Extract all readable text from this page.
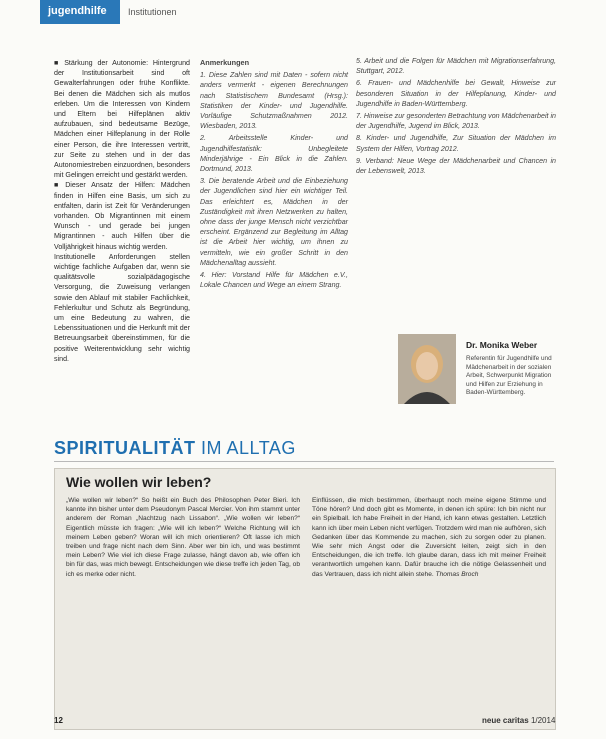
jugendhilfe Institutionen

■ Stärkung der Autonomie: Hintergrund der Institutionsarbeit sind oft Gewalterfahrungen oder frühe Konflikte. Bei denen die Mädchen sich als mutlos erleben. Um die Interessen von Kindern und Eltern bei Hilfeplänen aktiv aufzubauen, sind bedeutsame Bezüge, Mädchen einer Hilfeplanung in der Rolle einer Person, die ihre Interessen vertritt, zur Seite zu stehen und in der das Autonomiestreben einzuordnen, besonders mit Gelingen erreicht und gestärkt werden.

■ Dieser Ansatz der Hilfen: Mädchen finden in Hilfen eine Basis, um sich zu entfalten, darin ist Zeit für Veränderungen vorhanden. Ob Migrantinnen mit einem Wunsch - und gerade bei jungen Migrantinnen - auch Hilfen über die Volljährigkeit hinaus wichtig werden.

Institutionelle Anforderungen stellen wichtige fachliche Aufgaben dar, wenn sie qualitätsvolle sozialpädagogische Versorgung, die Zuweisung verlangen sowie den Ablauf mit stabiler Fachlichkeit, Fehlerkultur und Schutz als Begründung, um eine Bedeutung zu wahren, die Lebenssituationen und die Herkunft mit der Betreuungsarbeit übereinstimmen, für die positive Weiterentwicklung sehr wichtig sind.

Anmerkungen
1. Diese Zahlen sind mit Daten - sofern nicht anders vermerkt - eigenen Berechnungen nach Statistischem Bundesamt (Hrsg.): Statistiken der Kinder- und Jugendhilfe. Vorläufige Schutzmaßnahmen 2012. Wiesbaden, 2013.
2. Arbeitsstelle Kinder- und Jugendhilfestatistik: Unbegleitete Minderjährige - Ein Blick in die Zahlen. Dortmund, 2013.
3. Die beratende Arbeit und die Einbeziehung der Jugendlichen sind hier ein wichtiger Teil. Das erleichtert es, Mädchen in der Zuständigkeit mit ihren Netzwerken zu halten, ohne dass der junge Mensch nicht verzichtbar erscheint. Ergänzend zur Begleitung im Alltag ist die Arbeit hier wichtig, um ihnen zu vermitteln, wie ein großer Schritt in den Mädchenalltag aussieht.
4. Hier: Vorstand Hilfe für Mädchen e.V., Lokale Chancen und Wege an einem Strang.
5. Arbeit und die Folgen für Mädchen mit Migrationserfahrung, Stuttgart, 2012.
6. Frauen- und Mädchenhilfe bei Gewalt, Hinweise zur besonderen Situation in der Hilfeplanung, Kinder- und Jugendhilfe in Baden-Württemberg.
7. Hinweise zur gesonderten Betrachtung von Mädchenarbeit in der Jugendhilfe, Jugend im Blick, 2013.
8. Kinder- und Jugendhilfe, Zur Situation der Mädchen im System der Hilfen, Vortrag 2012.
9. Verband: Neue Wege der Mädchenarbeit und Chancen in der Lebenswelt, 2013.
Dr. Monika Weber
Referentin für Jugendhilfe und Mädchenarbeit in der sozialen Arbeit, Schwerpunkt Migration und Hilfen zur Erziehung in Baden-Württemberg.
SPIRITUALITÄT IM ALLTAG
Wie wollen wir leben?
„Wie wollen wir leben?“ So heißt ein Buch des Philosophen Peter Bieri. Ich kannte ihn bisher unter dem Pseudonym Pascal Mercier. Von ihm stammt unter anderem der Roman „Nachtzug nach Lissabon“. „Wie wollen wir leben?“ Eigentlich müsste ich fragen: „Wie will ich leben?“ Welche Richtung will ich meinem Leben geben? Woran will ich mich orientieren? Oft lasse ich mich treiben und frage nicht nach dem Sinn. Aber wer bin ich, und was bestimmt mein Leben? Wie viel ich diese Frage zulasse, hängt davon ab, wie offen ich bin für das, was mich bewegt. Entscheidungen wie diese treffe ich jeden Tag, ob ich es merke oder nicht.
Einflüssen, die mich bestimmen, überhaupt noch meine eigene Stimme und Töne hören? Und doch gibt es Momente, in denen ich spüre: Ich bin nicht nur ein Spielball. Ich habe Freiheit in der Hand, ich kann etwas gestalten. Letztlich kann ich über mein Leben nicht verfügen. Trotzdem wird man nie aufhören, sich Gedanken über das Kommende zu machen, sich zu sorgen oder zu planen. Wie sehr mich Angst oder die Zuversicht leiten, zeigt sich in den Entscheidungen, die ich treffe. Ich glaube daran, dass ich mit meiner Freiheit verantwortlich umgehen kann. Dafür brauche ich die nötige Gelassenheit und das Vertrauen, dass ich nicht allein stehe. Thomas Broch
12	neue caritas 1/2014
